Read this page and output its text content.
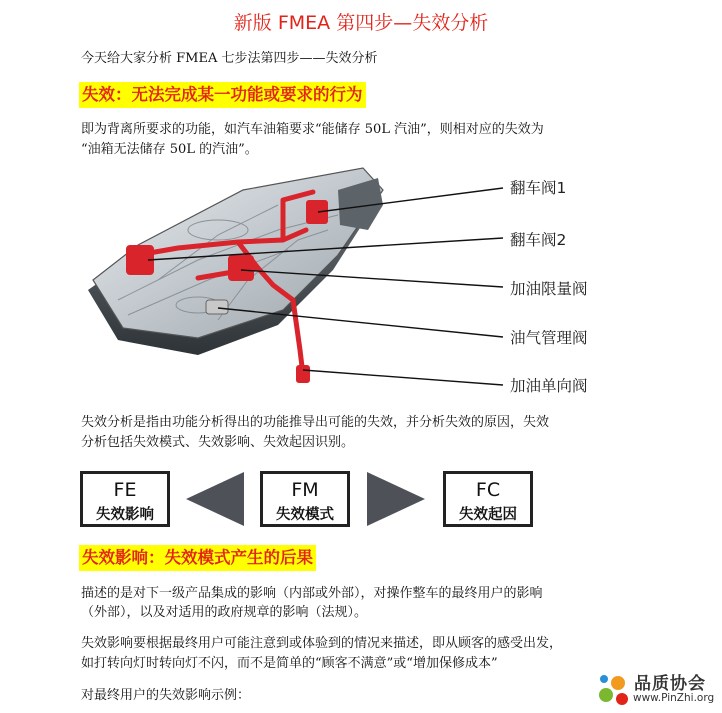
新版 FMEA 第四步—失效分析
今天给大家分析 FMEA 七步法第四步——失效分析
失效：无法完成某一功能或要求的行为
即为背离所要求的功能，如汽车油箱要求“能储存 50L 汽油”，则相对应的失效为
“油箱无法储存 50L 的汽油”。
翻车阀1
翻车阀2
加油限量阀
油气管理阀
加油单向阀
失效分析是指由功能分析得出的功能推导出可能的失效，并分析失效的原因，失效
分析包括失效模式、失效影响、失效起因识别。
FE
失效影响
FM
失效模式
FC
失效起因
失效影响：失效模式产生的后果
描述的是对下一级产品集成的影响（内部或外部），对操作整车的最终用户的影响
（外部），以及对适用的政府规章的影响（法规）。
失效影响要根据最终用户可能注意到或体验到的情况来描述，即从顾客的感受出发，
如打转向灯时转向灯不闪，而不是简单的“顾客不满意”或“增加保修成本”
对最终用户的失效影响示例：
品质协会
www.PinZhi.org
